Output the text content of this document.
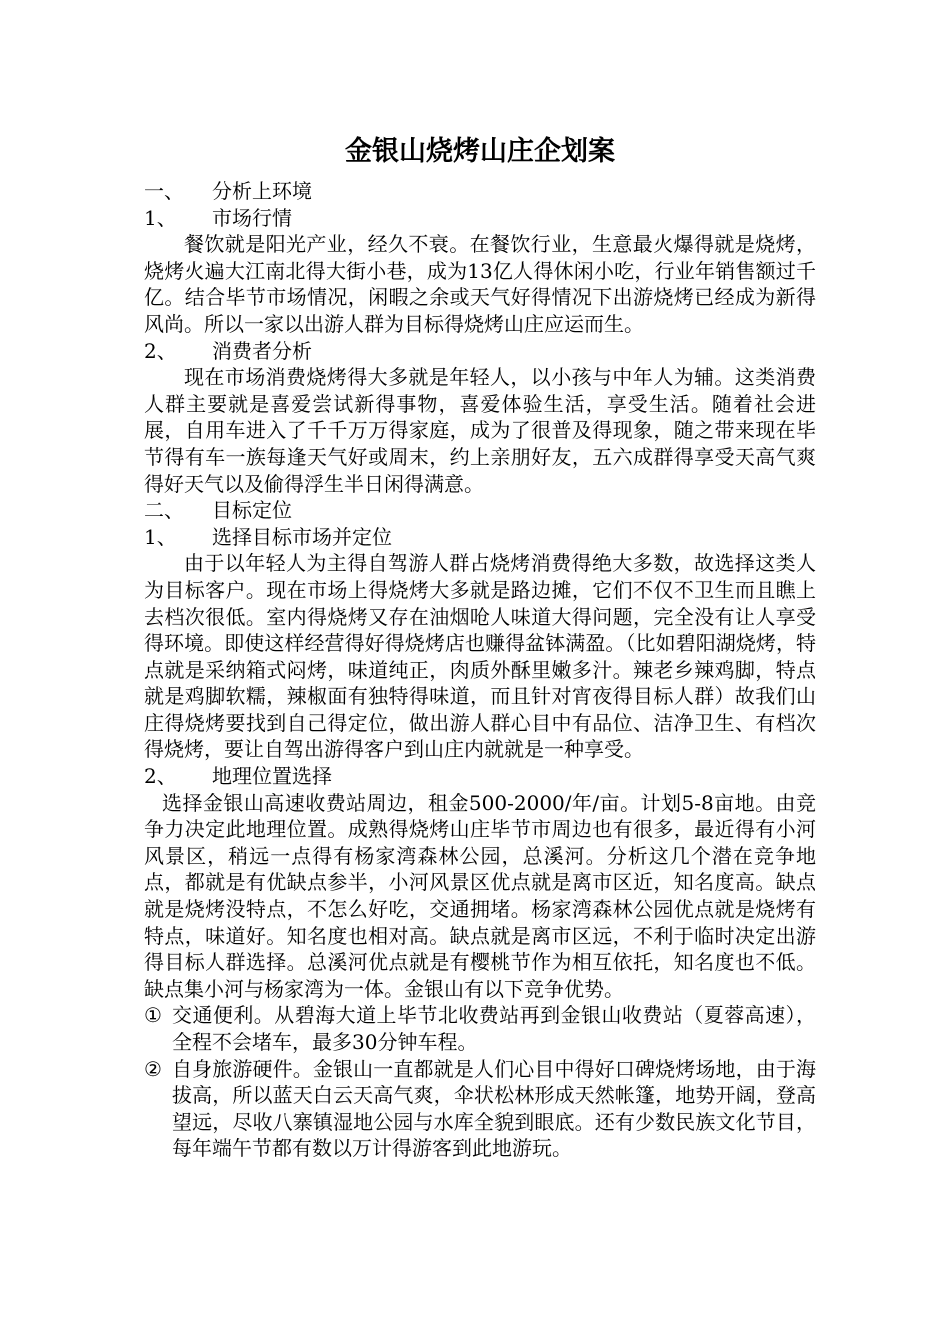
金银山烧烤山庄企划案
一、	分析上环境
1、	市场行情

餐饮就是阳光产业，经久不衰。在餐饮行业，生意最火爆得就是烧烤，烧烤火遍大江南北得大街小巷，成为13亿人得休闲小吃，行业年销售额过千亿。结合毕节市场情况，闲暇之余或天气好得情况下出游烧烤已经成为新得风尚。所以一家以出游人群为目标得烧烤山庄应运而生。

2、	消费者分析

现在市场消费烧烤得大多就是年轻人，以小孩与中年人为辅。这类消费人群主要就是喜爱尝试新得事物，喜爱体验生活，享受生活。随着社会进展，自用车进入了千千万万得家庭，成为了很普及得现象，随之带来现在毕节得有车一族每逢天气好或周末，约上亲朋好友，五六成群得享受天高气爽得好天气以及偷得浮生半日闲得满意。

二、	目标定位
1、	选择目标市场并定位

由于以年轻人为主得自驾游人群占烧烤消费得绝大多数，故选择这类人为目标客户。现在市场上得烧烤大多就是路边摊，它们不仅不卫生而且瞧上去档次很低。室内得烧烤又存在油烟呛人味道大得问题，完全没有让人享受得环境。即使这样经营得好得烧烤店也赚得盆钵满盈。（比如碧阳湖烧烤，特点就是采纳箱式闷烤，味道纯正，肉质外酥里嫩多汁。辣老乡辣鸡脚，特点就是鸡脚软糯，辣椒面有独特得味道，而且针对宵夜得目标人群）故我们山庄得烧烤要找到自己得定位，做出游人群心目中有品位、洁净卫生、有档次得烧烤，要让自驾出游得客户到山庄内就就是一种享受。

2、	地理位置选择

选择金银山高速收费站周边，租金500-2000/年/亩。计划5-8亩地。由竞争力决定此地理位置。成熟得烧烤山庄毕节市周边也有很多，最近得有小河风景区，稍远一点得有杨家湾森林公园，总溪河。分析这几个潜在竞争地点，都就是有优缺点参半，小河风景区优点就是离市区近，知名度高。缺点就是烧烤没特点，不怎么好吃，交通拥堵。杨家湾森林公园优点就是烧烤有特点，味道好。知名度也相对高。缺点就是离市区远，不利于临时决定出游得目标人群选择。总溪河优点就是有樱桃节作为相互依托，知名度也不低。缺点集小河与杨家湾为一体。金银山有以下竞争优势。

① 交通便利。从碧海大道上毕节北收费站再到金银山收费站（夏蓉高速），全程不会堵车，最多30分钟车程。
② 自身旅游硬件。金银山一直都就是人们心目中得好口碑烧烤场地，由于海拔高，所以蓝天白云天高气爽，伞状松林形成天然帐篷，地势开阔，登高望远，尽收八寨镇湿地公园与水库全貌到眼底。还有少数民族文化节目，每年端午节都有数以万计得游客到此地游玩。
